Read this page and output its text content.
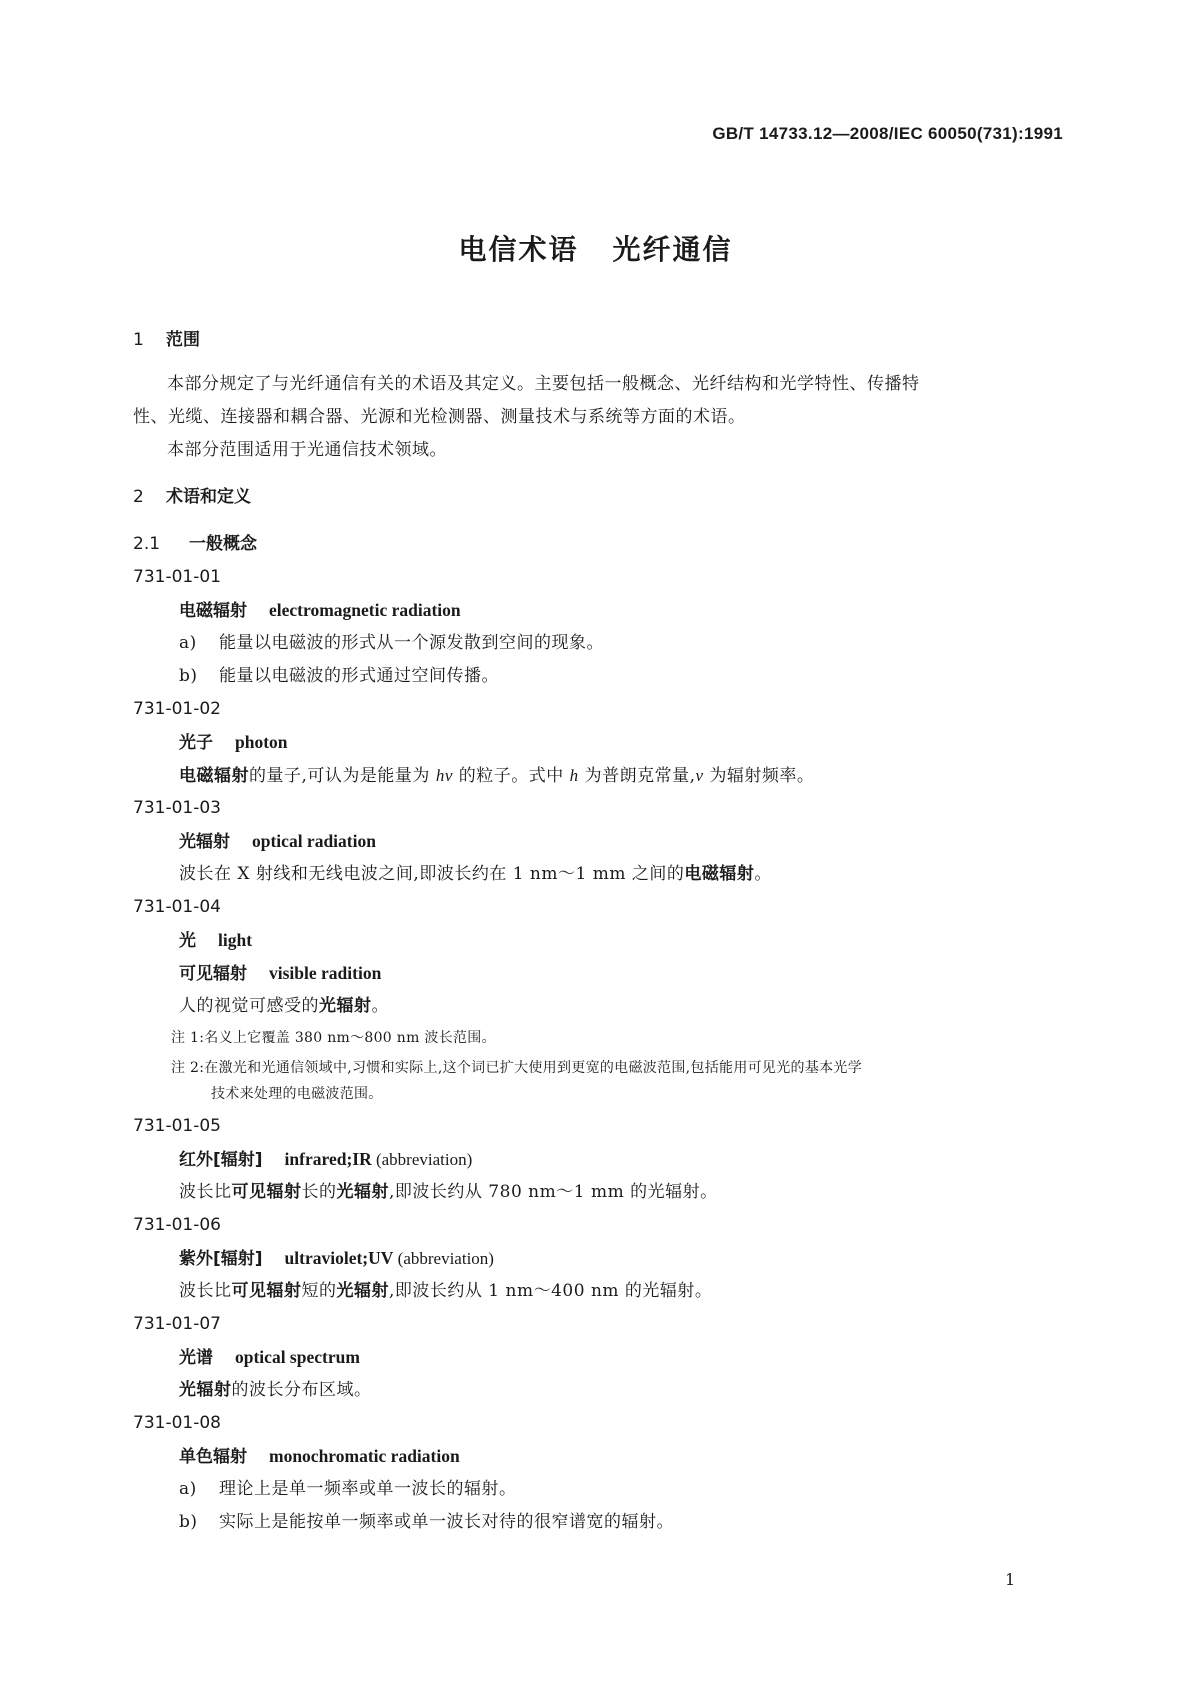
GB/T 14733.12—2008/IEC 60050(731):1991
电信术语 光纤通信
1 范围
本部分规定了与光纤通信有关的术语及其定义。主要包括一般概念、光纤结构和光学特性、传播特
性、光缆、连接器和耦合器、光源和光检测器、测量技术与系统等方面的术语。
本部分范围适用于光通信技术领域。
2 术语和定义
2.1 一般概念
731-01-01
电磁辐射 electromagnetic radiation
a) 能量以电磁波的形式从一个源发散到空间的现象。
b) 能量以电磁波的形式通过空间传播。
731-01-02
光子 photon
电磁辐射的量子,可认为是能量为 hν 的粒子。式中 h 为普朗克常量,ν 为辐射频率。
731-01-03
光辐射 optical radiation
波长在 X 射线和无线电波之间,即波长约在 1 nm～1 mm 之间的电磁辐射。
731-01-04
光 light
可见辐射 visible radition
人的视觉可感受的光辐射。
注 1:名义上它覆盖 380 nm～800 nm 波长范围。
注 2:在激光和光通信领域中,习惯和实际上,这个词已扩大使用到更宽的电磁波范围,包括能用可见光的基本光学
技术来处理的电磁波范围。
731-01-05
红外[辐射] infrared;IR (abbreviation)
波长比可见辐射长的光辐射,即波长约从 780 nm～1 mm 的光辐射。
731-01-06
紫外[辐射] ultraviolet;UV (abbreviation)
波长比可见辐射短的光辐射,即波长约从 1 nm～400 nm 的光辐射。
731-01-07
光谱 optical spectrum
光辐射的波长分布区域。
731-01-08
单色辐射 monochromatic radiation
a) 理论上是单一频率或单一波长的辐射。
b) 实际上是能按单一频率或单一波长对待的很窄谱宽的辐射。
1
